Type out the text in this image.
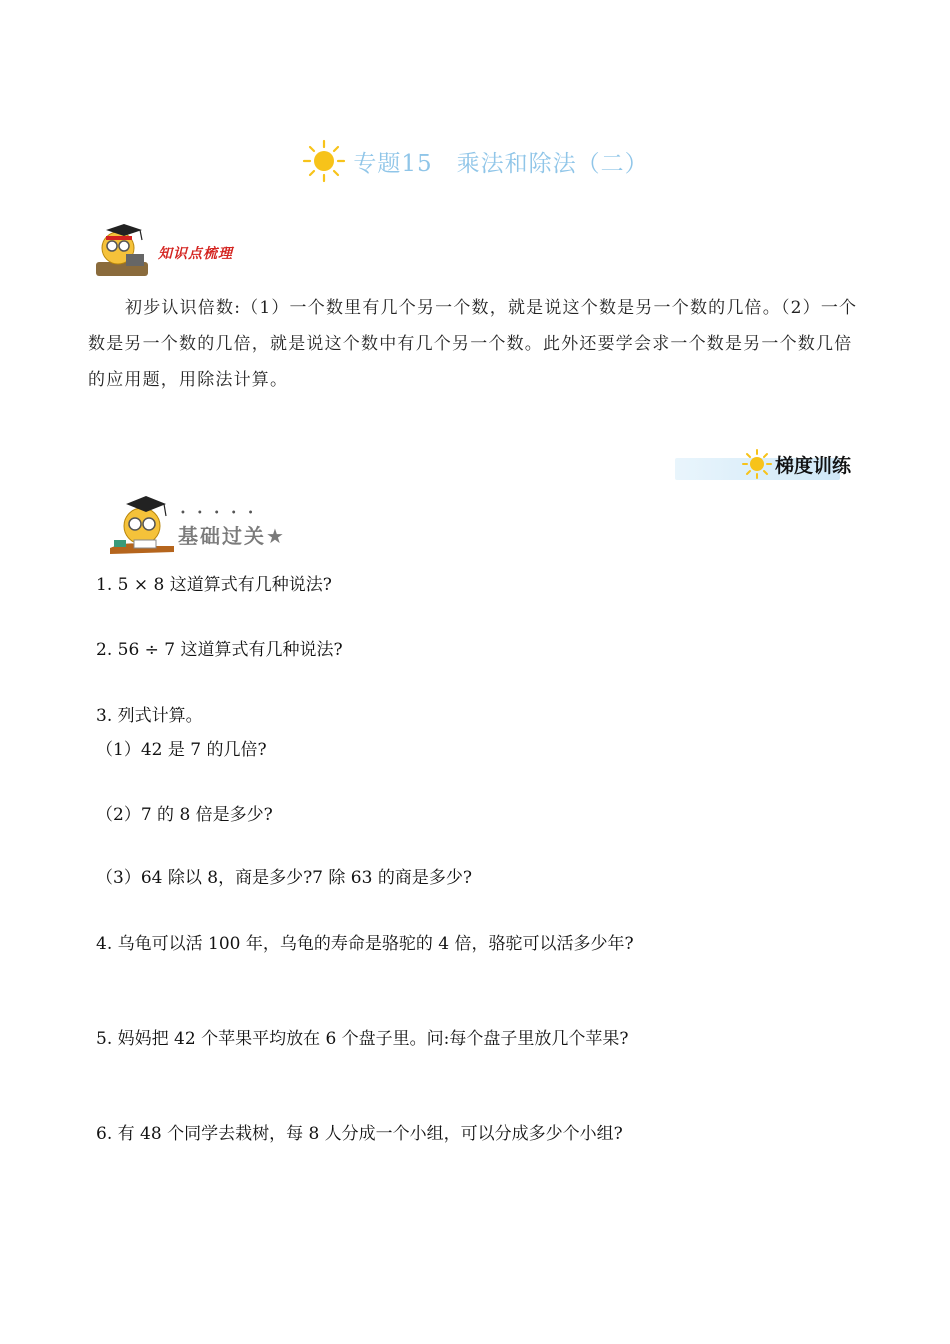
专题15　乘法和除法（二）
知识点梳理
初步认识倍数:（1）一个数里有几个另一个数，就是说这个数是另一个数的几倍。（2）一个数是另一个数的几倍，就是说这个数中有几个另一个数。此外还要学会求一个数是另一个数几倍的应用题，用除法计算。
梯度训练
•••••
基础过关★
1. 5 × 8 这道算式有几种说法?
2. 56 ÷ 7 这道算式有几种说法?
3. 列式计算。
（1）42 是 7 的几倍?
（2）7 的 8 倍是多少?
（3）64 除以 8，商是多少?7 除 63 的商是多少?
4. 乌龟可以活 100 年，乌龟的寿命是骆驼的 4 倍，骆驼可以活多少年?
5. 妈妈把 42 个苹果平均放在 6 个盘子里。问:每个盘子里放几个苹果?
6. 有 48 个同学去栽树，每 8 人分成一个小组，可以分成多少个小组?
